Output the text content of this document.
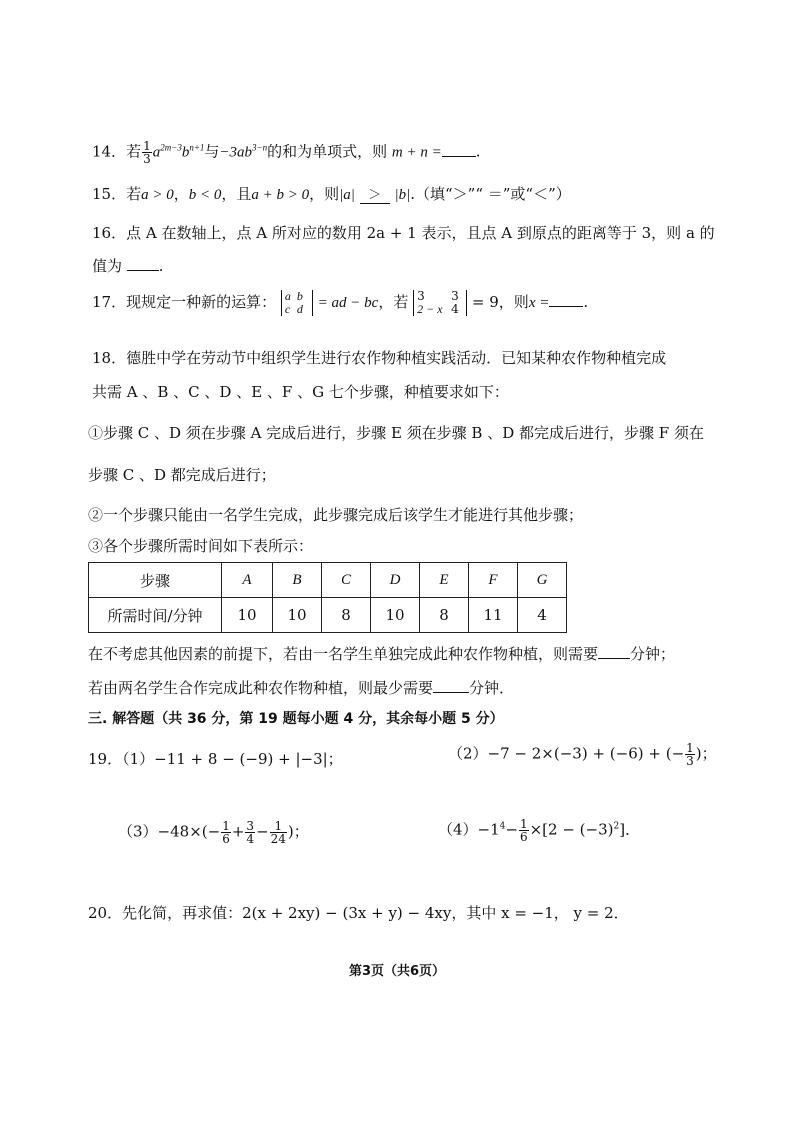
14．若 $\frac{1}{3} a^{2m-3}b^{n+1}$与$-3ab^{3-n}$的和为单项式，则 m + n = .
15．若a > 0，b < 0，且a + b > 0，则|a| ＞ |b|.（填“＞”“ ＝”或“＜”）
16．点 A 在数轴上，点 A 所对应的数用 2a + 1 表示，且点 A 到原点的距离等于 3，则 a 的
值为 .
17．现规定一种新的运算： a b
c d = ad − bc，若 3 3
2 − x 4 = 9，则x = .
18．德胜中学在劳动节中组织学生进行农作物种植实践活动．已知某种农作物种植完成
共需 A 、B 、C 、D 、E 、F 、G 七个步骤，种植要求如下：
①步骤 C 、D 须在步骤 A 完成后进行，步骤 E 须在步骤 B 、D 都完成后进行，步骤 F 须在
步骤 C 、D 都完成后进行；
②一个步骤只能由一名学生完成，此步骤完成后该学生才能进行其他步骤；
③各个步骤所需时间如下表所示：
步骤	A	B	C	D	E	F	G
所需时间/分钟	10	10	8	10	8	11	4
在不考虑其他因素的前提下，若由一名学生单独完成此种农作物种植，则需要 分钟；
若由两名学生合作完成此种农作物种植，则最少需要 分钟．
三. 解答题（共 36 分，第 19 题每小题 4 分，其余每小题 5 分）
19．（1）−11 + 8 − (−9) + |−3|；	（2）−7 − 2×(−3) + (−6) + (− $\frac{1}{3}$ )；
$(3)-48\times(- \frac{1}{6} + \frac{3}{4} - \frac{1}{24}$ )；	$(4)-1^4- \frac{1}{6} \times[2 - (-3)^2]$．
20．先化简，再求值：2(x + 2xy) − (3x + y) − 4xy，其中 x = −1， y = 2．
第3页（共6页）
